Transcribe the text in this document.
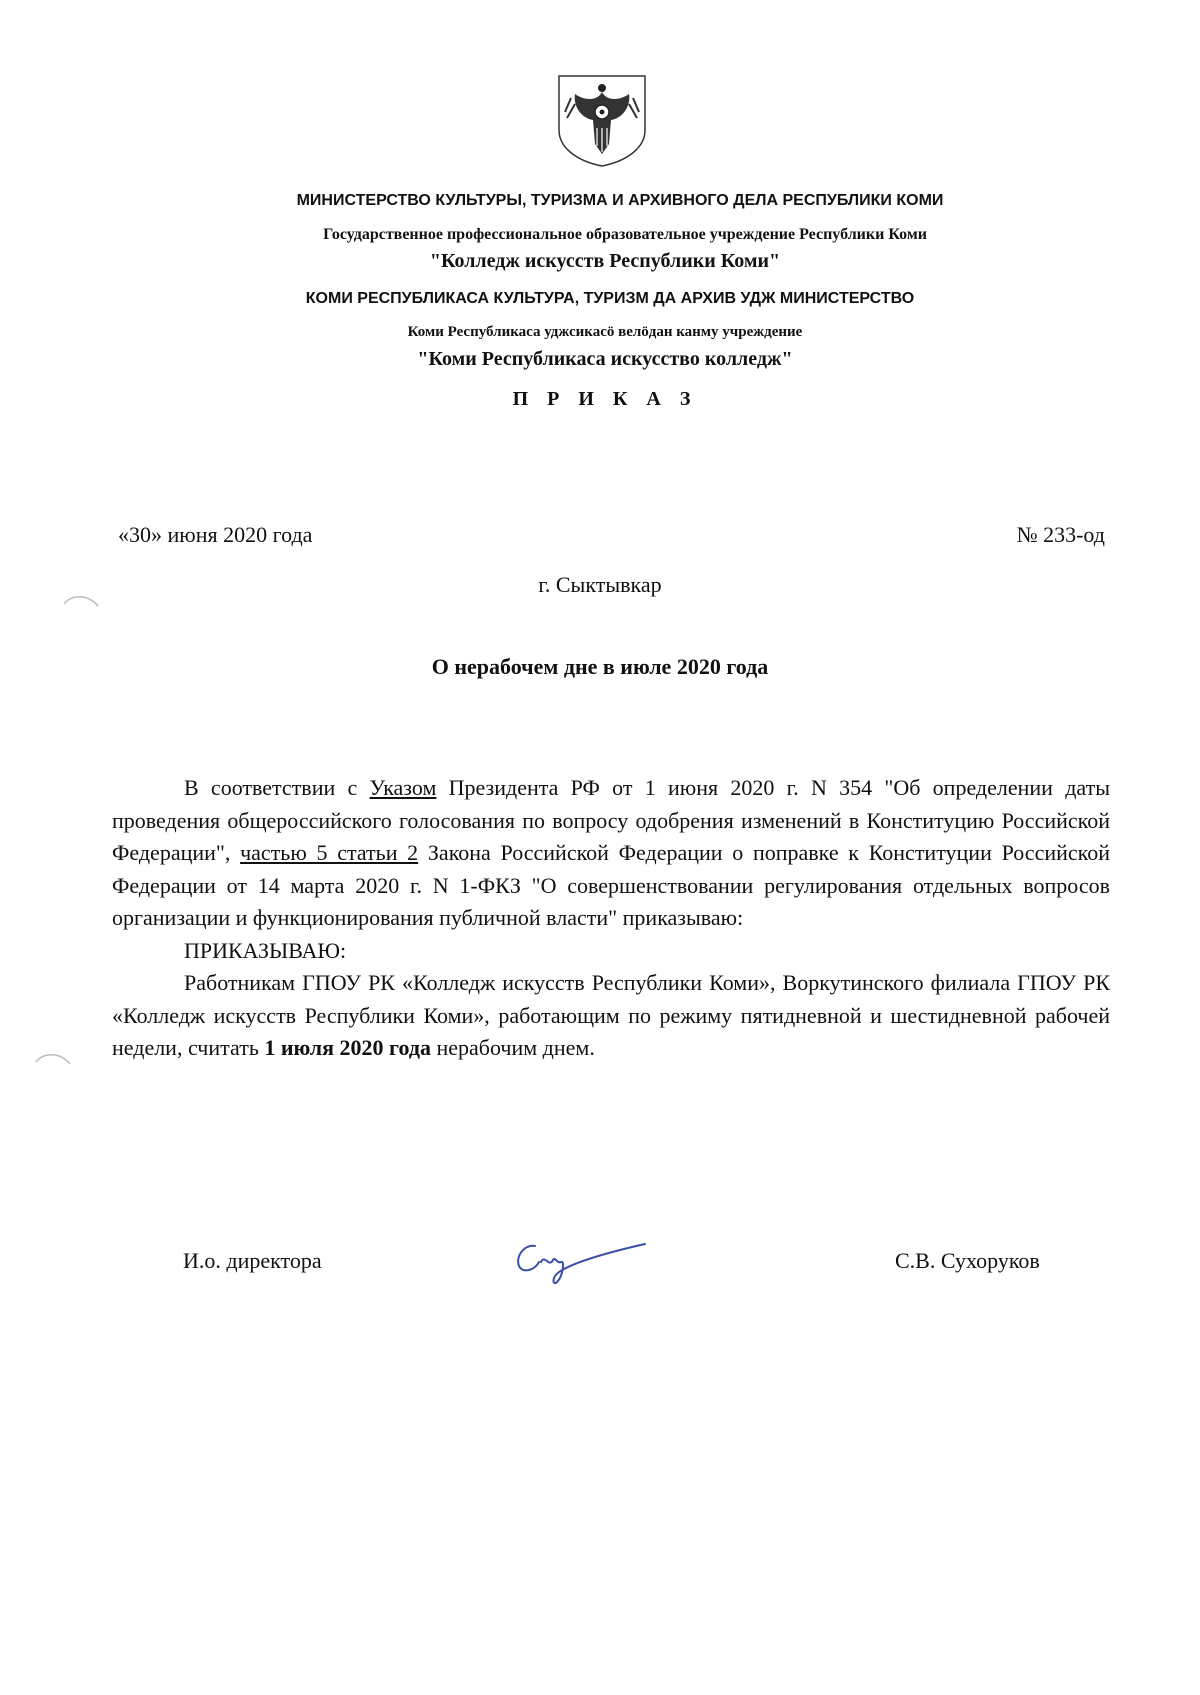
МИНИСТЕРСТВО КУЛЬТУРЫ, ТУРИЗМА И АРХИВНОГО ДЕЛА РЕСПУБЛИКИ КОМИ
Государственное профессиональное образовательное учреждение Республики Коми
"Колледж искусств Республики Коми"
КОМИ РЕСПУБЛИКАСА КУЛЬТУРА, ТУРИЗМ ДА АРХИВ УДЖ МИНИСТЕРСТВО
Коми Республикаса уджсикасӧ велӧдан канму учреждение
"Коми Республикаса искусство колледж"
П Р И К А З
«30» июня 2020 года	№ 233-од
г. Сыктывкар
О нерабочем дне в июле 2020 года

В соответствии с Указом Президента РФ от 1 июня 2020 г. N 354 "Об определении даты проведения общероссийского голосования по вопросу одобрения изменений в Конституцию Российской Федерации", частью 5 статьи 2 Закона Российской Федерации о поправке к Конституции Российской Федерации от 14 марта 2020 г. N 1-ФКЗ "О совершенствовании регулирования отдельных вопросов организации и функционирования публичной власти" приказываю:

ПРИКАЗЫВАЮ:

Работникам ГПОУ РК «Колледж искусств Республики Коми», Воркутинского филиала ГПОУ РК «Колледж искусств Республики Коми», работающим по режиму пятидневной и шестидневной рабочей недели, считать 1 июля 2020 года нерабочим днем.

И.о. директора	С.В. Сухоруков
